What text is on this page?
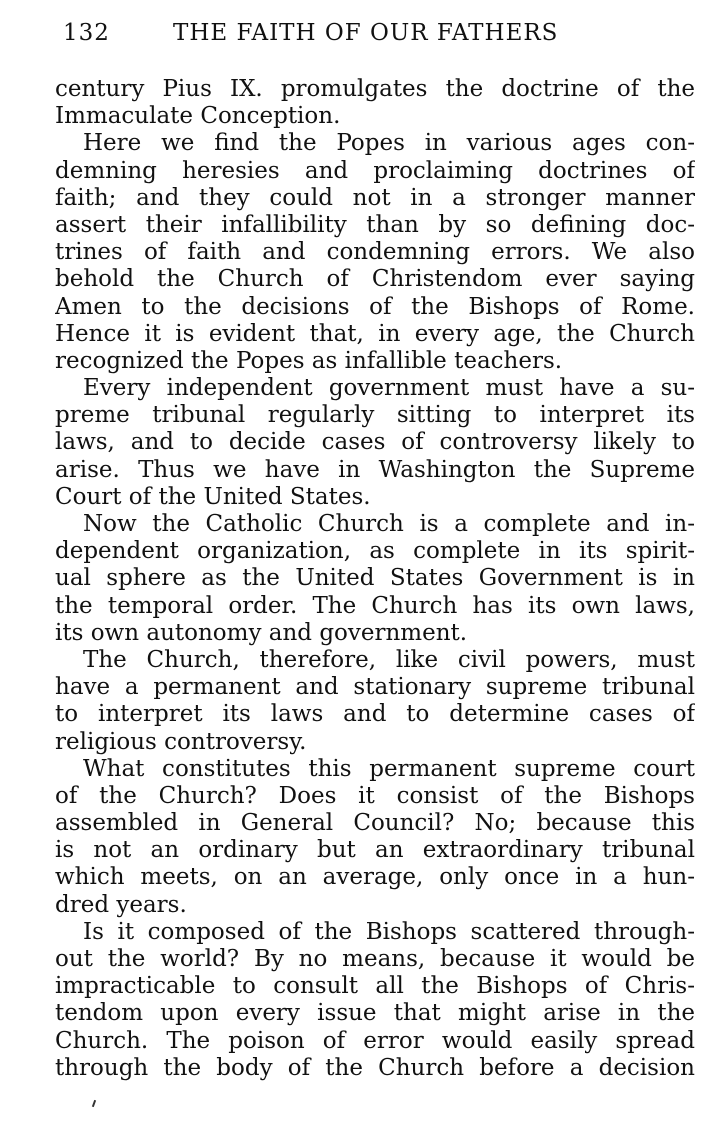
132	THE FAITH OF OUR FATHERS
century Pius IX. promulgates the doctrine of the
Immaculate Conception.
Here we find the Popes in various ages con-
demning heresies and proclaiming doctrines of
faith; and they could not in a stronger manner
assert their infallibility than by so defining doc-
trines of faith and condemning errors. We also
behold the Church of Christendom ever saying
Amen to the decisions of the Bishops of Rome.
Hence it is evident that, in every age, the Church
recognized the Popes as infallible teachers.
Every independent government must have a su-
preme tribunal regularly sitting to interpret its
laws, and to decide cases of controversy likely to
arise. Thus we have in Washington the Supreme
Court of the United States.
Now the Catholic Church is a complete and in-
dependent organization, as complete in its spirit-
ual sphere as the United States Government is in
the temporal order. The Church has its own laws,
its own autonomy and government.
The Church, therefore, like civil powers, must
have a permanent and stationary supreme tribunal
to interpret its laws and to determine cases of
religious controversy.
What constitutes this permanent supreme court
of the Church? Does it consist of the Bishops
assembled in General Council? No; because this
is not an ordinary but an extraordinary tribunal
which meets, on an average, only once in a hun-
dred years.
Is it composed of the Bishops scattered through-
out the world? By no means, because it would be
impracticable to consult all the Bishops of Chris-
tendom upon every issue that might arise in the
Church. The poison of error would easily spread
through the body of the Church before a decision
